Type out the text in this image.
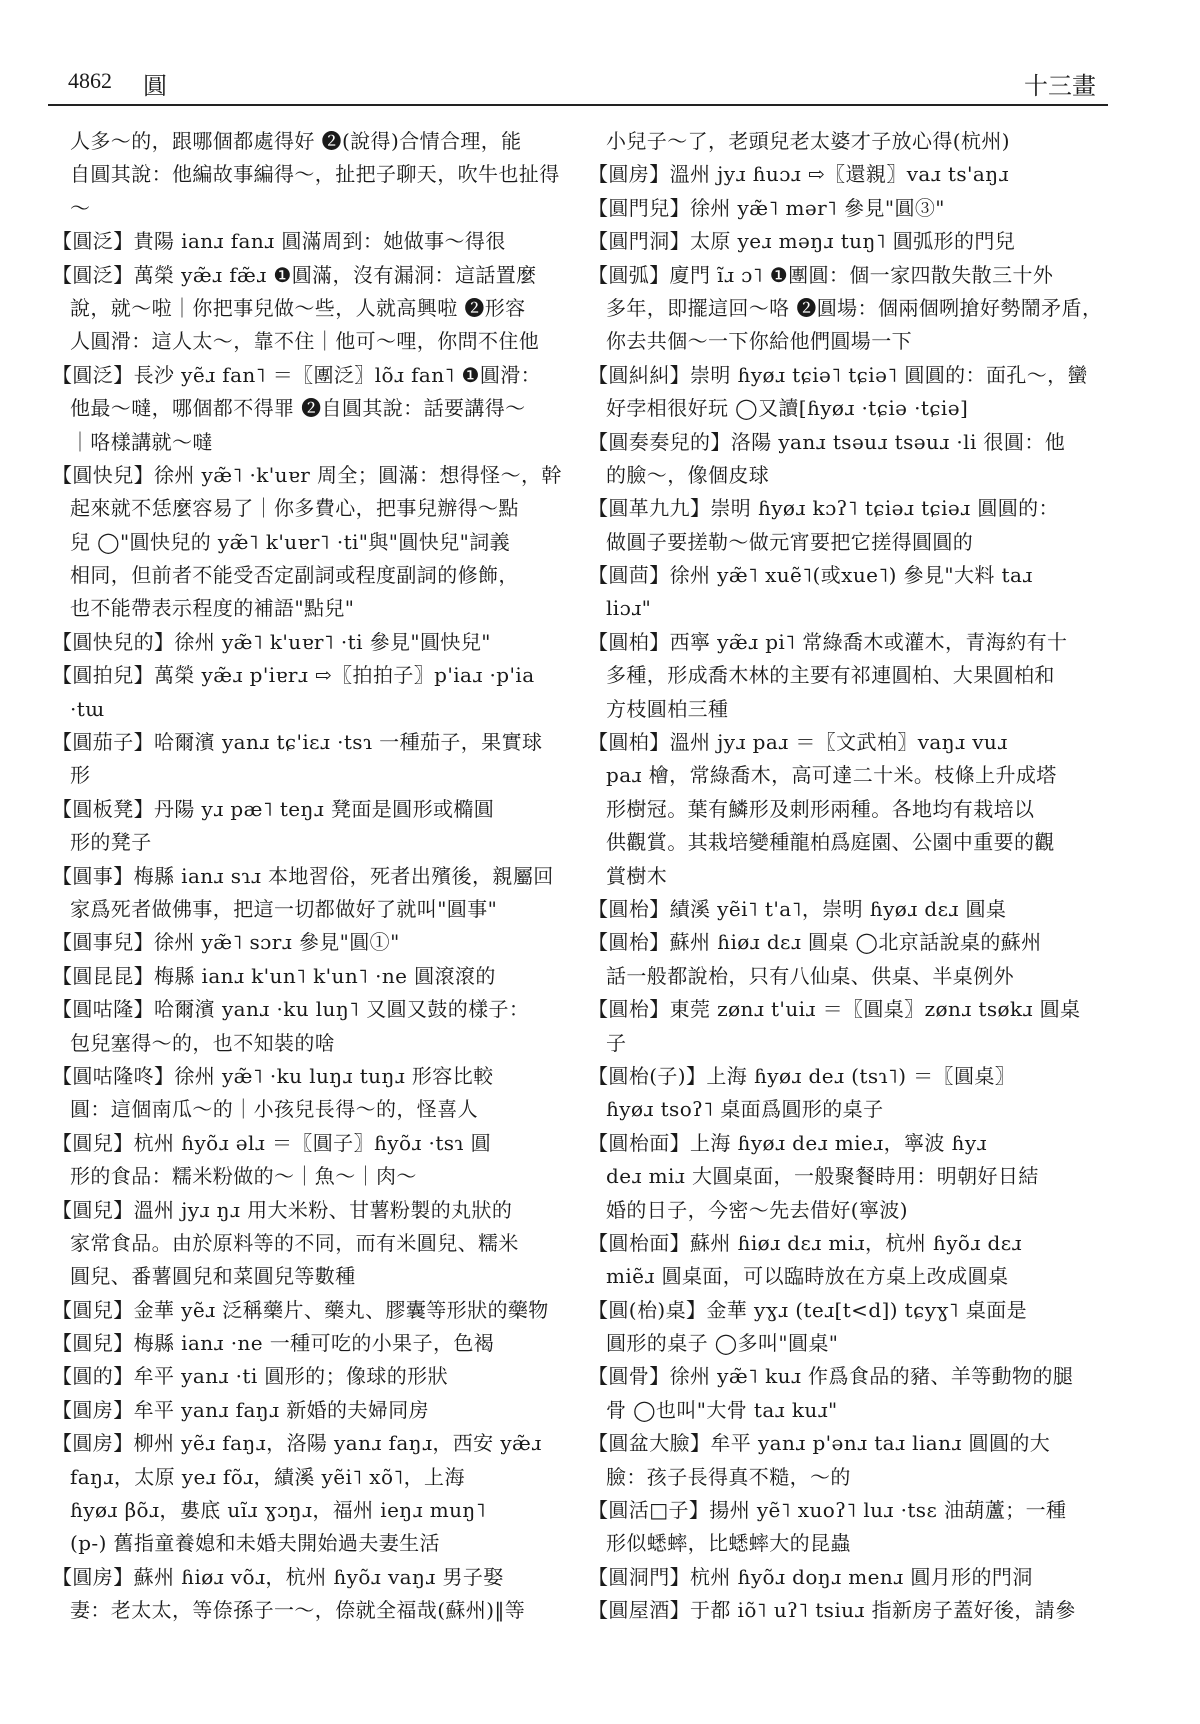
4862 圓	十三畫
人多～的，跟哪個都處得好 ❷(說得)合情合理，能
自圓其說：他編故事編得～，扯把子聊天，吹牛也扯得
～
【圓泛】貴陽 ianɹ fanɹ 圓滿周到：她做事～得很
【圓泛】萬榮 yæ̃ɹ fæ̃ɹ ❶圓滿，沒有漏洞：這話置麼
說，就～啦｜你把事兒做～些，人就高興啦 ❷形容
人圓滑：這人太～，靠不住｜他可～哩，你問不住他
【圓泛】長沙 yẽɹ fan˥ ＝〖團泛〗lõɹ fan˥ ❶圓滑：
他最～噠，哪個都不得罪 ❷自圓其說：話要講得～
｜咯樣講就～噠
【圓快兒】徐州 yæ̃˥ ·k'uɐr 周全；圓滿：想得怪～，幹
起來就不恁麼容易了｜你多費心，把事兒辦得～點
兒 ◯"圓快兒的 yæ̃˥ k'uɐr˥ ·ti"與"圓快兒"詞義
相同，但前者不能受否定副詞或程度副詞的修飾，
也不能帶表示程度的補語"點兒"
【圓快兒的】徐州 yæ̃˥ k'uɐr˥ ·ti 參見"圓快兒"
【圓拍兒】萬榮 yæ̃ɹ p'iɐrɹ ⇨〖拍拍子〗p'iaɹ ·p'ia
·tɯ
【圓茄子】哈爾濱 yanɹ tɕ'iɛɹ ·tsɿ 一種茄子，果實球
形
【圓板凳】丹陽 yɹ pæ˥ teŋɹ 凳面是圓形或橢圓
形的凳子
【圓事】梅縣 ianɹ sɿɹ 本地習俗，死者出殯後，親屬回
家爲死者做佛事，把這一切都做好了就叫"圓事"
【圓事兒】徐州 yæ̃˥ sɔrɹ 參見"圓①"
【圓昆昆】梅縣 ianɹ k'un˥ k'un˥ ·ne 圓滾滾的
【圓咕隆】哈爾濱 yanɹ ·ku luŋ˥ 又圓又鼓的樣子：
包兒塞得～的，也不知裝的啥
【圓咕隆咚】徐州 yæ̃˥ ·ku luŋɹ tuŋɹ 形容比較
圓：這個南瓜～的｜小孩兒長得～的，怪喜人
【圓兒】杭州 ɦyõɹ əlɹ ＝〖圓子〗ɦyõɹ ·tsɿ 圓
形的食品：糯米粉做的～｜魚～｜肉～
【圓兒】溫州 jyɹ ŋɹ 用大米粉、甘薯粉製的丸狀的
家常食品。由於原料等的不同，而有米圓兒、糯米
圓兒、番薯圓兒和菜圓兒等數種
【圓兒】金華 yẽɹ 泛稱藥片、藥丸、膠囊等形狀的藥物
【圓兒】梅縣 ianɹ ·ne 一種可吃的小果子，色褐
【圓的】牟平 yanɹ ·ti 圓形的；像球的形狀
【圓房】牟平 yanɹ faŋɹ 新婚的夫婦同房
【圓房】柳州 yẽɹ faŋɹ，洛陽 yanɹ faŋɹ，西安 yæ̃ɹ
faŋɹ，太原 yeɹ fõɹ，績溪 yẽi˥ xõ˥，上海
ɦyøɹ βõɹ，婁底 uĩɹ ɣɔŋɹ，福州 ieŋɹ muŋ˥
(p-) 舊指童養媳和未婚夫開始過夫妻生活
【圓房】蘇州 ɦiøɹ võɹ，杭州 ɦyõɹ vaŋɹ 男子娶
妻：老太太，等倷孫子一～，倷就全福哉(蘇州)‖等
小兒子～了，老頭兒老太婆才子放心得(杭州)
【圓房】溫州 jyɹ ɦuɔɹ ⇨〖還親〗vaɹ ts'aŋɹ
【圓門兒】徐州 yæ̃˥ mər˥ 參見"圓③"
【圓門洞】太原 yeɹ məŋɹ tuŋ˥ 圓弧形的門兒
【圓弧】廈門 ĩɹ ɔ˥ ❶團圓：個一家四散失散三十外
多年，即擺這回～咯 ❷圓場：個兩個咧搶好勢鬧矛盾，
你去共個～一下你給他們圓場一下
【圓糾糾】崇明 ɦyøɹ tɕiə˥ tɕiə˥ 圓圓的：面孔～，蠻
好孛相很好玩 ◯又讀[ɦyøɹ ·tɕiə ·tɕiə]
【圓奏奏兒的】洛陽 yanɹ tsəuɹ tsəuɹ ·li 很圓：他
的臉～，像個皮球
【圓革九九】崇明 ɦyøɹ kɔʔ˥ tɕiəɹ tɕiəɹ 圓圓的：
做圓子要搓勒～做元宵要把它搓得圓圓的
【圓茴】徐州 yæ̃˥ xuẽ˥(或xue˥) 參見"大料 taɹ
liɔɹ"
【圓柏】西寧 yæ̃ɹ pi˥ 常綠喬木或灌木，青海約有十
多種，形成喬木林的主要有祁連圓柏、大果圓柏和
方枝圓柏三種
【圓柏】溫州 jyɹ paɹ ＝〖文武柏〗vaŋɹ vuɹ
paɹ 檜，常綠喬木，高可達二十米。枝條上升成塔
形樹冠。葉有鱗形及刺形兩種。各地均有栽培以
供觀賞。其栽培變種龍柏爲庭園、公園中重要的觀
賞樹木
【圓枱】績溪 yẽi˥ t'a˥，崇明 ɦyøɹ dɛɹ 圓桌
【圓枱】蘇州 ɦiøɹ dɛɹ 圓桌 ◯北京話說桌的蘇州
話一般都說枱，只有八仙桌、供桌、半桌例外
【圓枱】東莞 zønɹ t'uiɹ ＝〖圓桌〗zønɹ tsøkɹ 圓桌
子
【圓枱(子)】上海 ɦyøɹ deɹ (tsɿ˥) ＝〖圓桌〗
ɦyøɹ tsoʔ˥ 桌面爲圓形的桌子
【圓枱面】上海 ɦyøɹ deɹ mieɹ，寧波 ɦyɹ
deɹ miɹ 大圓桌面，一般聚餐時用：明朝好日結
婚的日子，今密～先去借好(寧波)
【圓枱面】蘇州 ɦiøɹ dɛɹ miɹ，杭州 ɦyõɹ dɛɹ
miẽɹ 圓桌面，可以臨時放在方桌上改成圓桌
【圓(枱)桌】金華 yɣɹ (teɹ[t<d]) tɕyɣ˥ 桌面是
圓形的桌子 ◯多叫"圓桌"
【圓骨】徐州 yæ̃˥ kuɹ 作爲食品的豬、羊等動物的腿
骨 ◯也叫"大骨 taɹ kuɹ"
【圓盆大臉】牟平 yanɹ p'ənɹ taɹ lianɹ 圓圓的大
臉：孩子長得真不糙，～的
【圓活□子】揚州 yẽ˥ xuoʔ˥ luɹ ·tsɛ 油葫蘆；一種
形似蟋蟀，比蟋蟀大的昆蟲
【圓洞門】杭州 ɦyõɹ doŋɹ menɹ 圓月形的門洞
【圓屋酒】于都 iõ˥ uʔ˥ tsiuɹ 指新房子蓋好後，請參
